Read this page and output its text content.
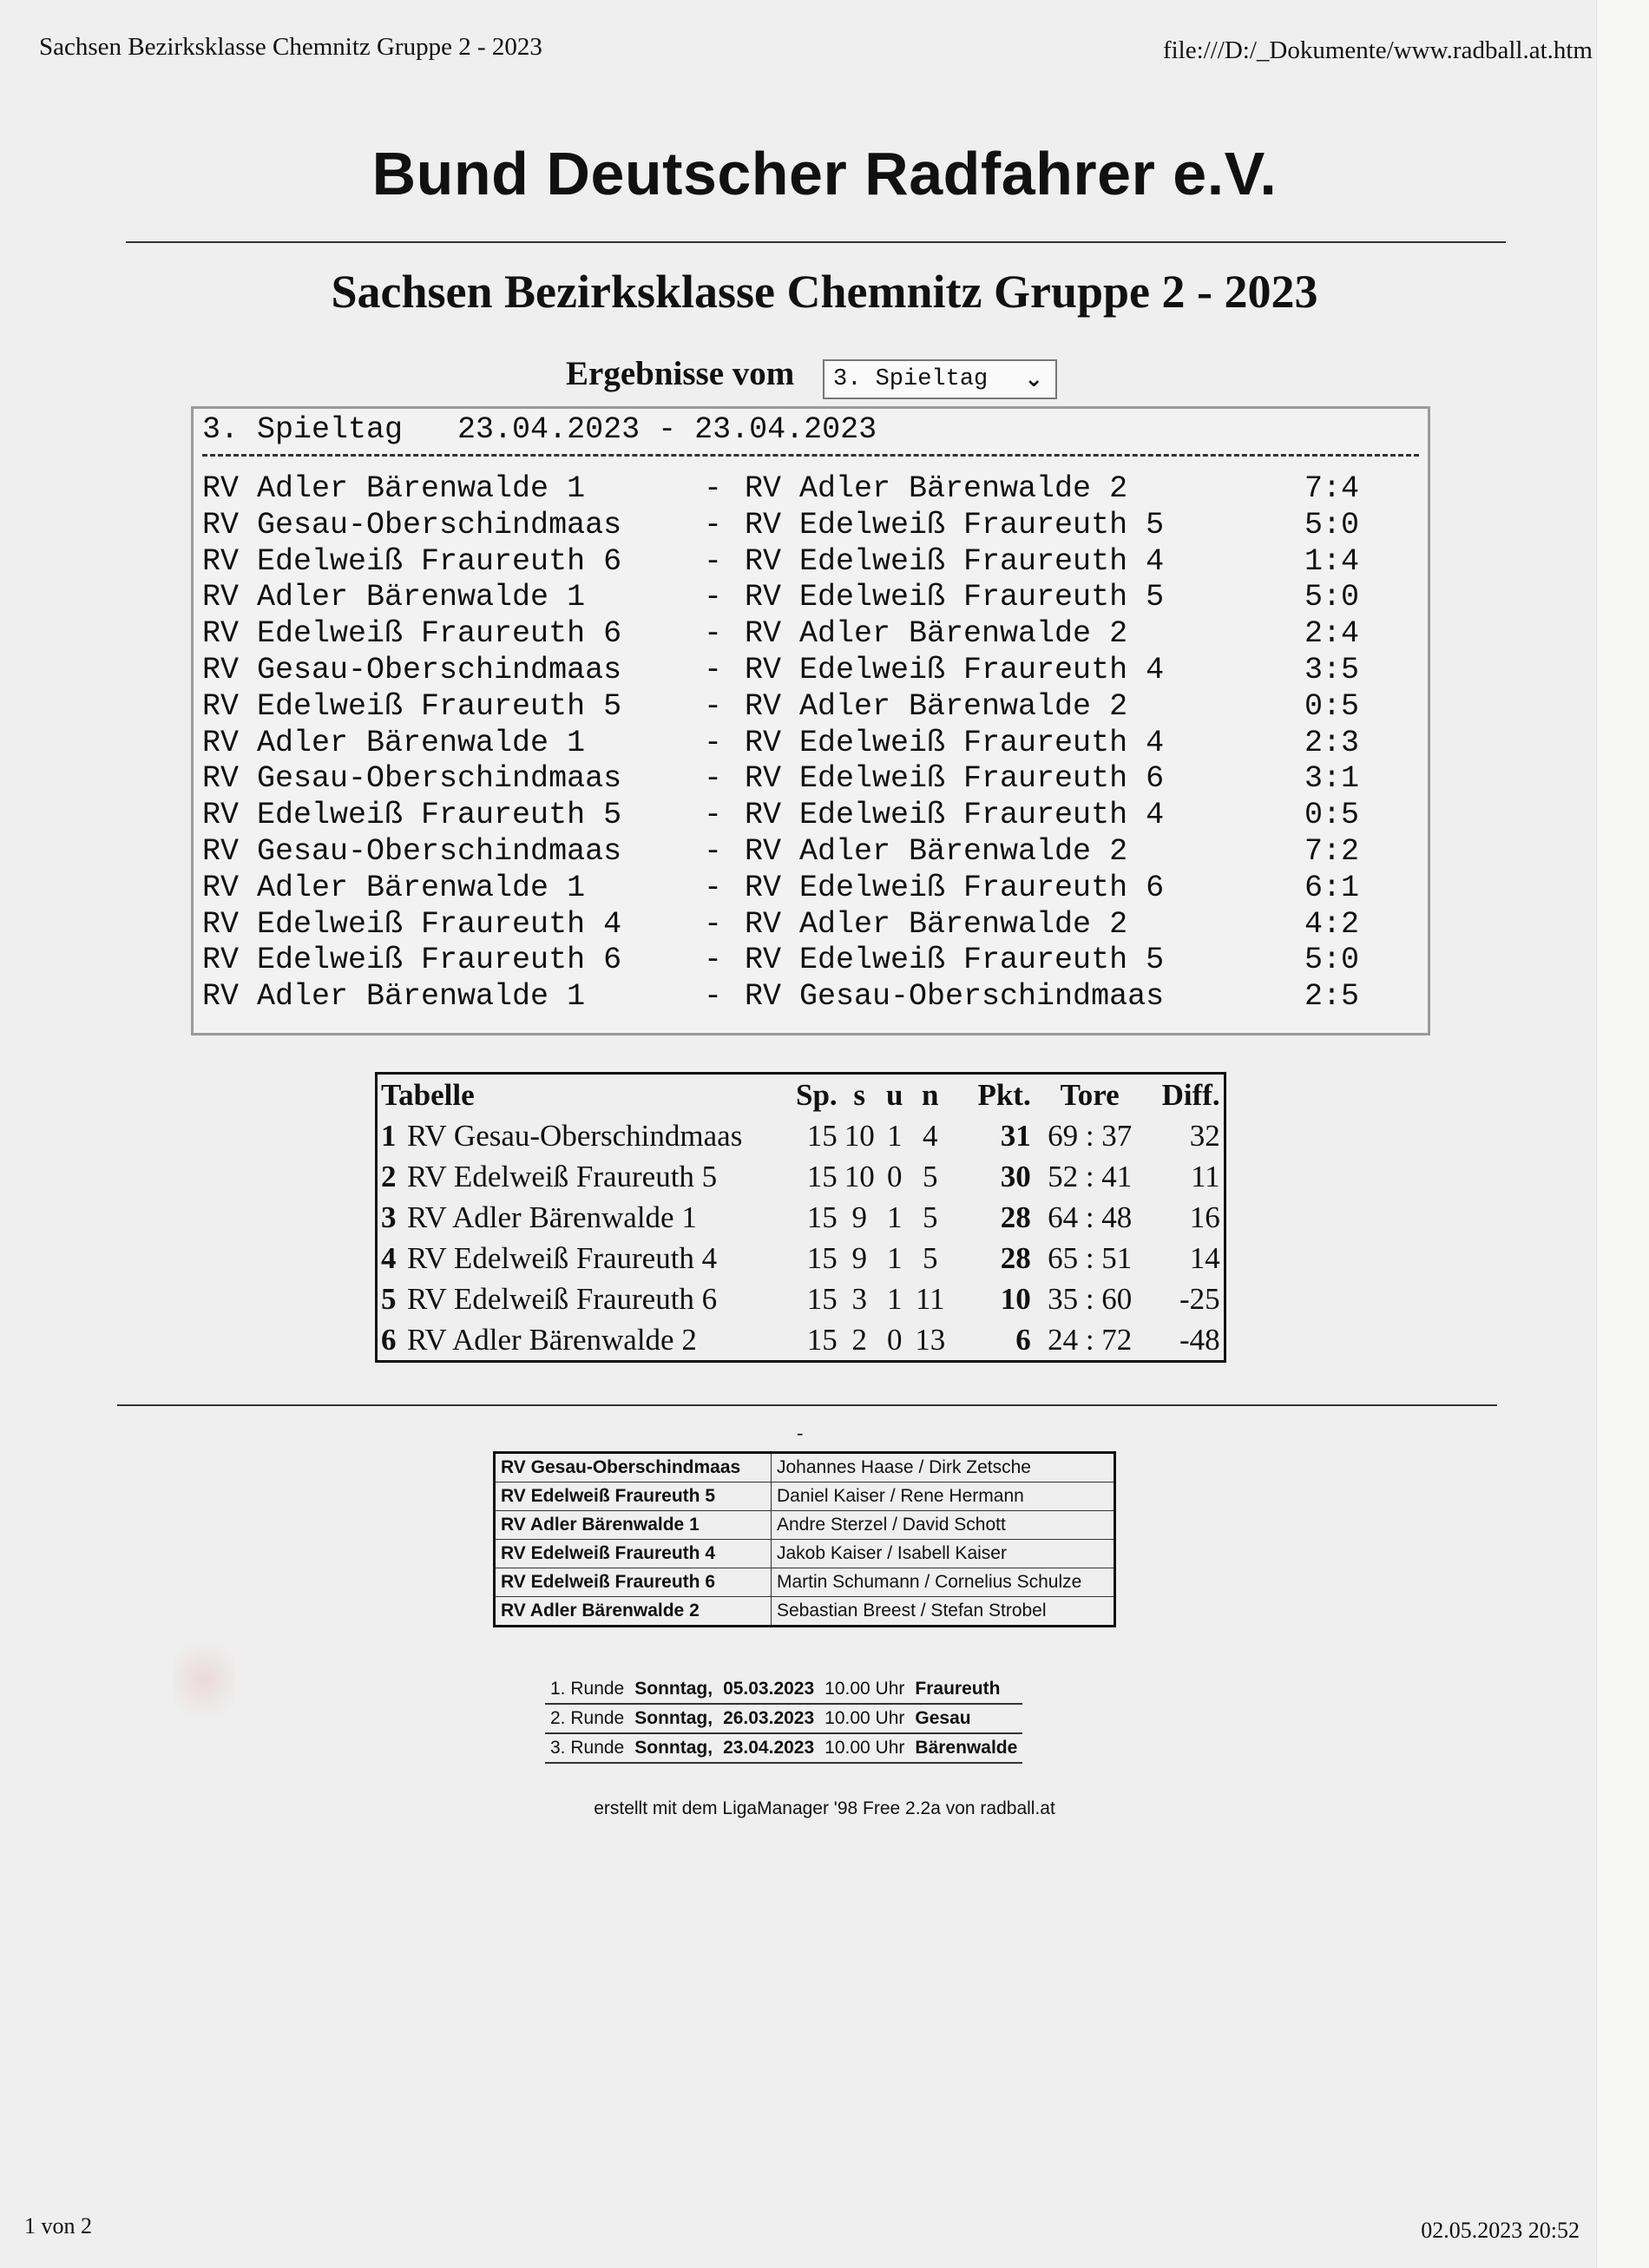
Sachsen Bezirksklasse Chemnitz Gruppe 2 - 2023	file:///D:/_Dokumente/www.radball.at.htm
Bund Deutscher Radfahrer e.V.
Sachsen Bezirksklasse Chemnitz Gruppe 2 - 2023
Ergebnisse vom	3. Spieltag ⌄
3. Spieltag   23.04.2023 - 23.04.2023
RV Adler Bärenwalde 1	- RV Adler Bärenwalde 2	7:4
RV Gesau-Oberschindmaas	- RV Edelweiß Fraureuth 5	5:0
RV Edelweiß Fraureuth 6	- RV Edelweiß Fraureuth 4	1:4
RV Adler Bärenwalde 1	- RV Edelweiß Fraureuth 5	5:0
RV Edelweiß Fraureuth 6	- RV Adler Bärenwalde 2	2:4
RV Gesau-Oberschindmaas	- RV Edelweiß Fraureuth 4	3:5
RV Edelweiß Fraureuth 5	- RV Adler Bärenwalde 2	0:5
RV Adler Bärenwalde 1	- RV Edelweiß Fraureuth 4	2:3
RV Gesau-Oberschindmaas	- RV Edelweiß Fraureuth 6	3:1
RV Edelweiß Fraureuth 5	- RV Edelweiß Fraureuth 4	0:5
RV Gesau-Oberschindmaas	- RV Adler Bärenwalde 2	7:2
RV Adler Bärenwalde 1	- RV Edelweiß Fraureuth 6	6:1
RV Edelweiß Fraureuth 4	- RV Adler Bärenwalde 2	4:2
RV Edelweiß Fraureuth 6	- RV Edelweiß Fraureuth 5	5:0
RV Adler Bärenwalde 1	- RV Gesau-Oberschindmaas	2:5
Tabelle		Sp.	s	u	n	Pkt.	Tore	Diff.
1	RV Gesau-Oberschindmaas	15	10	1	4	31	69 : 37	32
2	RV Edelweiß Fraureuth 5	15	10	0	5	30	52 : 41	11
3	RV Adler Bärenwalde 1	15	9	1	5	28	64 : 48	16
4	RV Edelweiß Fraureuth 4	15	9	1	5	28	65 : 51	14
5	RV Edelweiß Fraureuth 6	15	3	1	11	10	35 : 60	-25
6	RV Adler Bärenwalde 2	15	2	0	13	6	24 : 72	-48
-
RV Gesau-Oberschindmaas	Johannes Haase / Dirk Zetsche
RV Edelweiß Fraureuth 5	Daniel Kaiser / Rene Hermann
RV Adler Bärenwalde 1	Andre Sterzel / David Schott
RV Edelweiß Fraureuth 4	Jakob Kaiser / Isabell Kaiser
RV Edelweiß Fraureuth 6	Martin Schumann / Cornelius Schulze
RV Adler Bärenwalde 2	Sebastian Breest / Stefan Strobel
1. Runde	Sonntag,	05.03.2023	10.00 Uhr	Fraureuth
2. Runde	Sonntag,	26.03.2023	10.00 Uhr	Gesau
3. Runde	Sonntag,	23.04.2023	10.00 Uhr	Bärenwalde
erstellt mit dem LigaManager '98 Free 2.2a von radball.at
1 von 2	02.05.2023 20:52
